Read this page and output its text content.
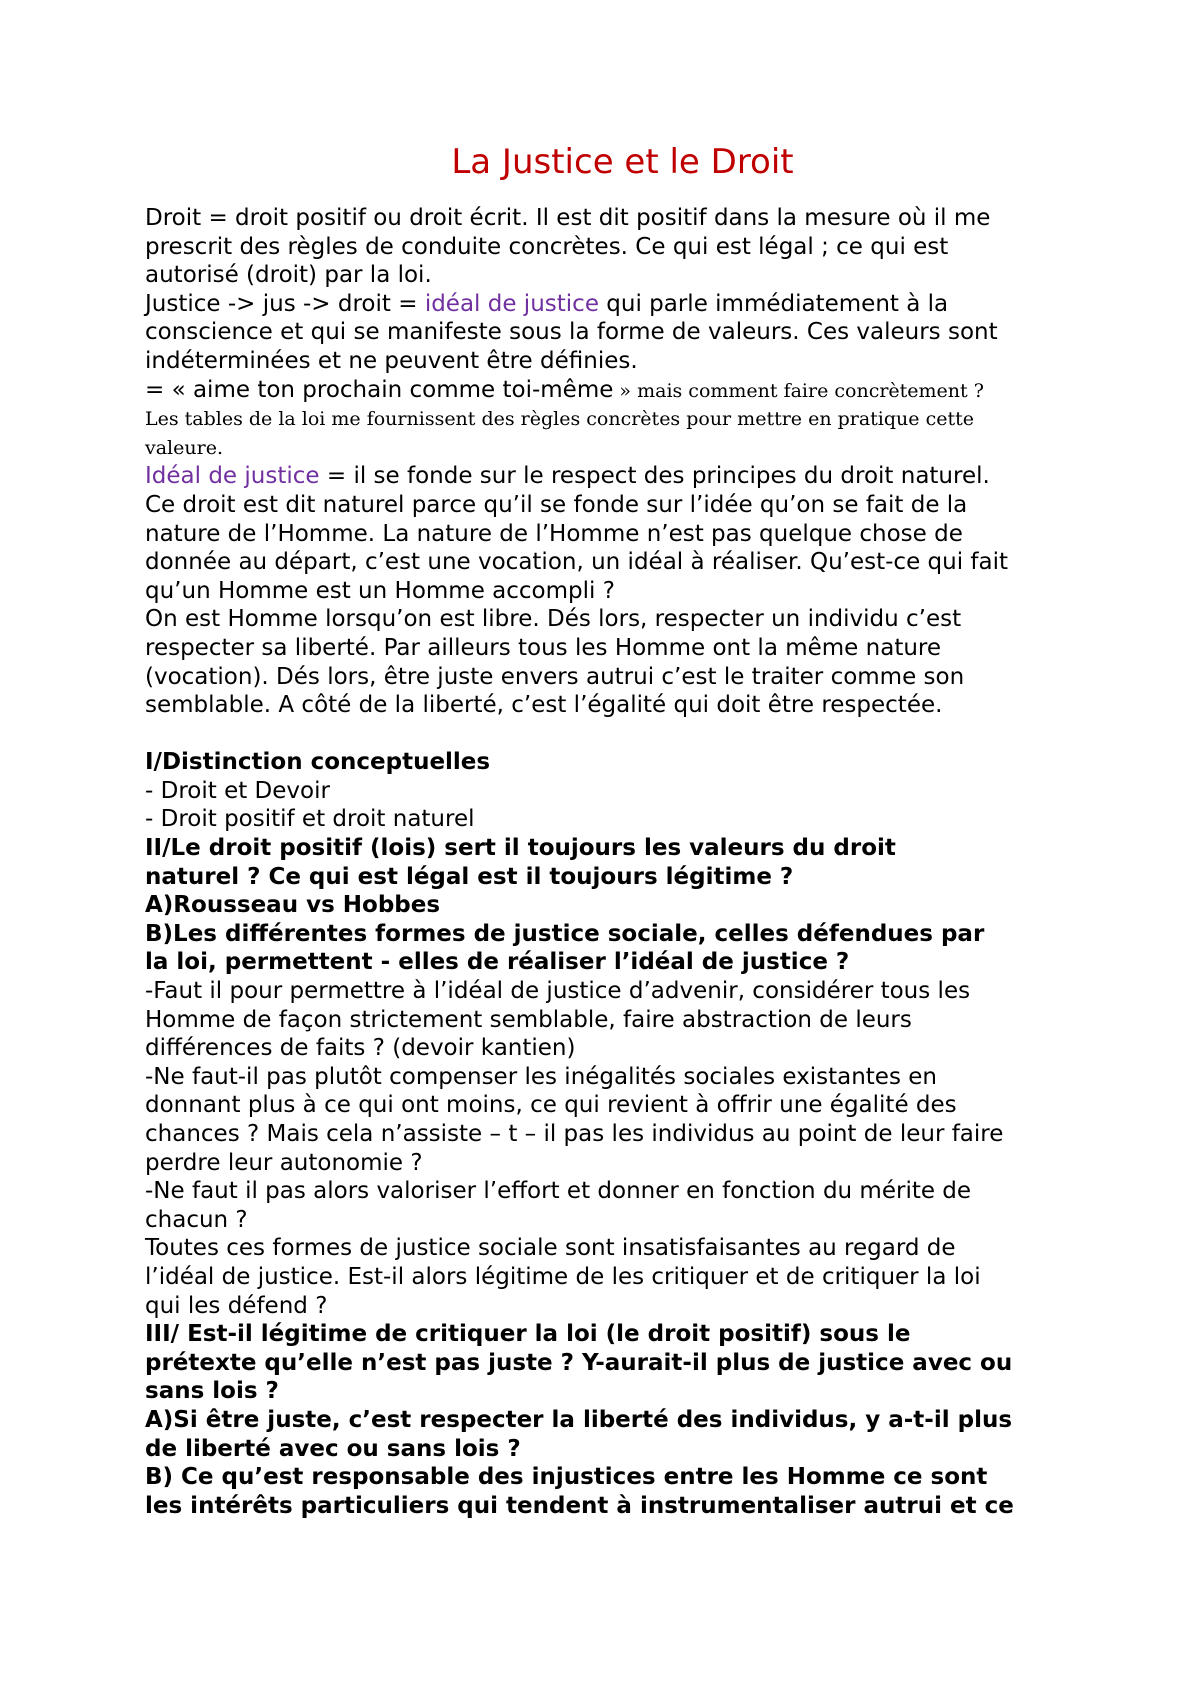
La Justice et le Droit
Droit = droit positif ou droit écrit. Il est dit positif dans la mesure où il me
prescrit des règles de conduite concrètes. Ce qui est légal ; ce qui est
autorisé (droit) par la loi.
Justice -> jus -> droit = idéal de justice qui parle immédiatement à la
conscience et qui se manifeste sous la forme de valeurs. Ces valeurs sont
indéterminées et ne peuvent être définies.
= « aime ton prochain comme toi-même » mais comment faire concrètement ?
Les tables de la loi me fournissent des règles concrètes pour mettre en pratique cette
valeure.
Idéal de justice = il se fonde sur le respect des principes du droit naturel.
Ce droit est dit naturel parce qu’il se fonde sur l’idée qu’on se fait de la
nature de l’Homme. La nature de l’Homme n’est pas quelque chose de
donnée au départ, c’est une vocation, un idéal à réaliser. Qu’est-ce qui fait
qu’un Homme est un Homme accompli ?
On est Homme lorsqu’on est libre. Dés lors, respecter un individu c’est
respecter sa liberté. Par ailleurs tous les Homme ont la même nature
(vocation). Dés lors, être juste envers autrui c’est le traiter comme son
semblable. A côté de la liberté, c’est l’égalité qui doit être respectée.
I/Distinction conceptuelles
- Droit et Devoir
- Droit positif et droit naturel
II/Le droit positif (lois) sert il toujours les valeurs du droit
naturel ? Ce qui est légal est il toujours légitime ?
A)Rousseau vs Hobbes
B)Les différentes formes de justice sociale, celles défendues par
la loi, permettent - elles de réaliser l’idéal de justice ?
-Faut il pour permettre à l’idéal de justice d’advenir, considérer tous les
Homme de façon strictement semblable, faire abstraction de leurs
différences de faits ? (devoir kantien)
-Ne faut-il pas plutôt compenser les inégalités sociales existantes en
donnant plus à ce qui ont moins, ce qui revient à offrir une égalité des
chances ? Mais cela n’assiste – t – il pas les individus au point de leur faire
perdre leur autonomie ?
-Ne faut il pas alors valoriser l’effort et donner en fonction du mérite de
chacun ?
Toutes ces formes de justice sociale sont insatisfaisantes au regard de
l’idéal de justice. Est-il alors légitime de les critiquer et de critiquer la loi
qui les défend ?
III/ Est-il légitime de critiquer la loi (le droit positif) sous le
prétexte qu’elle n’est pas juste ? Y-aurait-il plus de justice avec ou
sans lois ?
A)Si être juste, c’est respecter la liberté des individus, y a-t-il plus
de liberté avec ou sans lois ?
B) Ce qu’est responsable des injustices entre les Homme ce sont
les intérêts particuliers qui tendent à instrumentaliser autrui et ce
